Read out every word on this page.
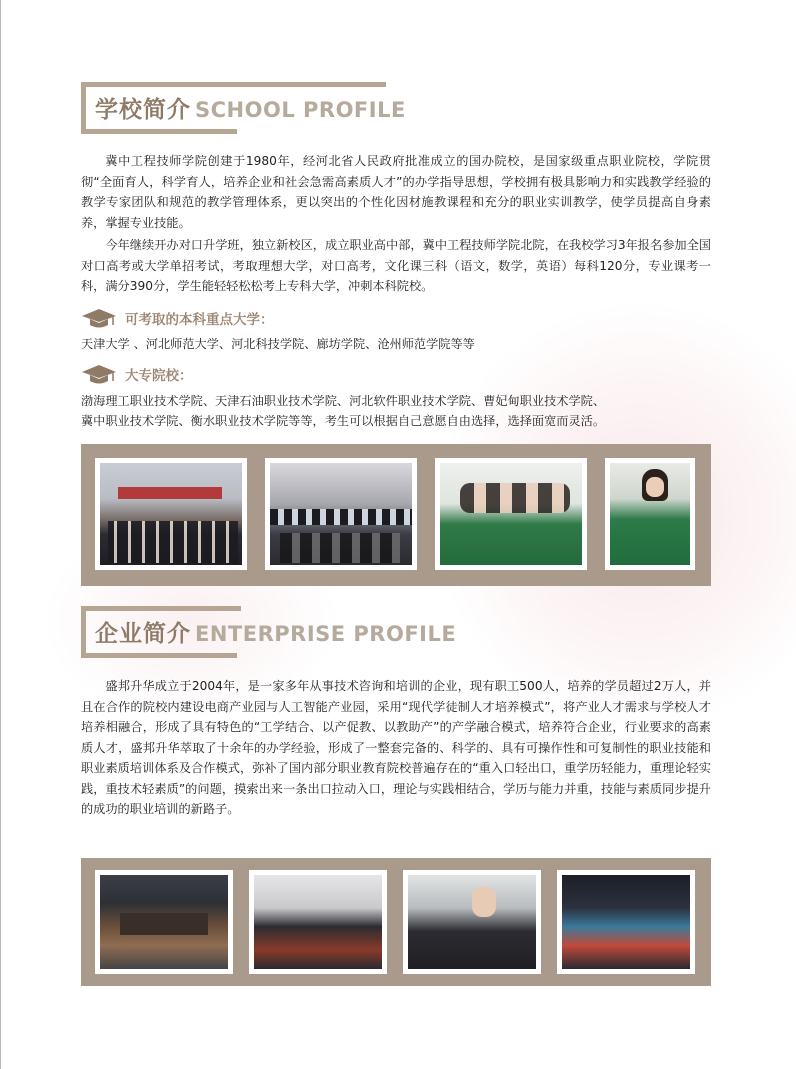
学校简介 SCHOOL PROFILE

冀中工程技师学院创建于1980年，经河北省人民政府批准成立的国办院校，是国家级重点职业院校，学院贯彻“全面育人，科学育人，培养企业和社会急需高素质人才”的办学指导思想，学校拥有极具影响力和实践教学经验的教学专家团队和规范的教学管理体系，更以突出的个性化因材施教课程和充分的职业实训教学，使学员提高自身素养，掌握专业技能。

今年继续开办对口升学班，独立新校区，成立职业高中部，冀中工程技师学院北院，在我校学习3年报名参加全国对口高考或大学单招考试，考取理想大学，对口高考，文化课三科（语文，数学，英语）每科120分，专业课考一科，满分390分，学生能轻轻松松考上专科大学，冲刺本科院校。

可考取的本科重点大学：

天津大学 、河北师范大学、河北科技学院、廊坊学院、沧州师范学院等等

大专院校：

渤海理工职业技术学院、天津石油职业技术学院、河北软件职业技术学院、曹妃甸职业技术学院、

冀中职业技术学院、衡水职业技术学院等等，考生可以根据自己意愿自由选择，选择面宽而灵活。

企业简介 ENTERPRISE PROFILE

盛邦升华成立于2004年，是一家多年从事技术咨询和培训的企业，现有职工500人，培养的学员超过2万人，并且在合作的院校内建设电商产业园与人工智能产业园，采用“现代学徒制人才培养模式”，将产业人才需求与学校人才培养相融合，形成了具有特色的“工学结合、以产促教、以教助产”的产学融合模式，培养符合企业，行业要求的高素质人才，盛邦升华萃取了十余年的办学经验，形成了一整套完备的、科学的、具有可操作性和可复制性的职业技能和职业素质培训体系及合作模式，弥补了国内部分职业教育院校普遍存在的“重入口轻出口，重学历轻能力，重理论轻实践，重技术轻素质”的问题，摸索出来一条出口拉动入口，理论与实践相结合，学历与能力并重，技能与素质同步提升的成功的职业培训的新路子。
